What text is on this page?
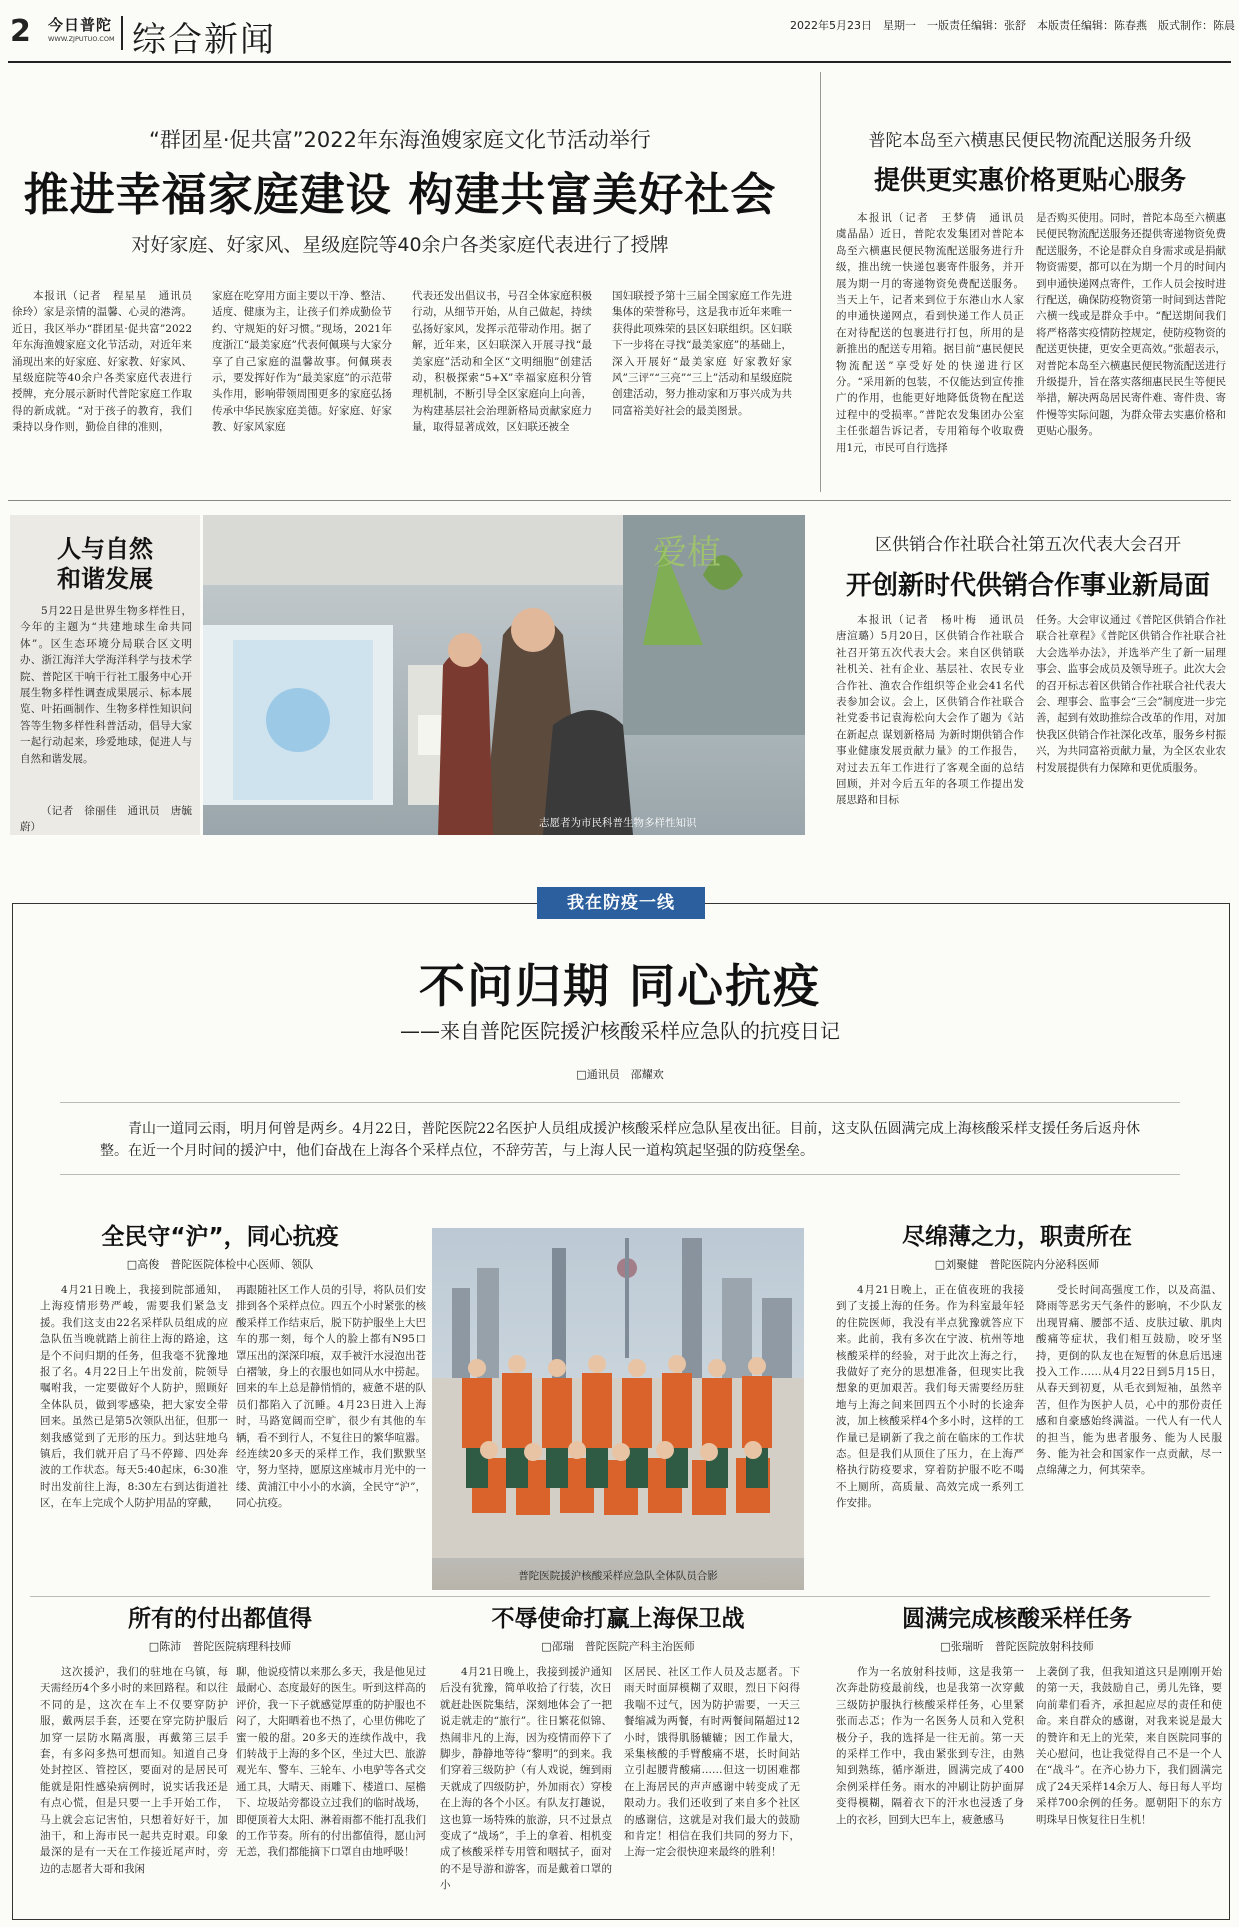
2 今日普陀
WWW.ZJPUTUO.COM 综合新闻	2022年5月23日　星期一　一版责任编辑：张舒　本版责任编辑：陈春燕　版式制作：陈晨
“群团星·促共富”2022年东海渔嫂家庭文化节活动举行
推进幸福家庭建设 构建共富美好社会
对好家庭、好家风、星级庭院等40余户各类家庭代表进行了授牌

本报讯（记者　程星星　通讯员　徐玲）家是亲情的温馨、心灵的港湾。近日，我区举办“群团星·促共富”2022年东海渔嫂家庭文化节活动，对近年来涌现出来的好家庭、好家教、好家风、星级庭院等40余户各类家庭代表进行授牌，充分展示新时代普陀家庭工作取得的新成就。“对于孩子的教育，我们秉持以身作则，勤俭自律的准则，

家庭在吃穿用方面主要以干净、整洁、适度、健康为主，让孩子们养成勤俭节约、守规矩的好习惯。”现场，2021年度浙江“最美家庭”代表何佩瑛与大家分享了自己家庭的温馨故事。何佩瑛表示，要发挥好作为“最美家庭”的示范带头作用，影响带领周围更多的家庭弘扬传承中华民族家庭美德。好家庭、好家教、好家风家庭

代表还发出倡议书，号召全体家庭积极行动，从细节开始，从自己做起，持续弘扬好家风，发挥示范带动作用。据了解，近年来，区妇联深入开展寻找“最美家庭”活动和全区“文明细胞”创建活动，积极探索“5+X”幸福家庭积分管理机制，不断引导全区家庭向上向善，为构建基层社会治理新格局贡献家庭力量，取得显著成效，区妇联还被全

国妇联授予第十三届全国家庭工作先进集体的荣誉称号，这是我市近年来唯一获得此项殊荣的县区妇联组织。区妇联下一步将在寻找“最美家庭”的基础上，深入开展好“最美家庭 好家教好家风”三评”“三亮”“三上”活动和星级庭院创建活动，努力推动家和万事兴成为共同富裕美好社会的最美图景。

普陀本岛至六横惠民便民物流配送服务升级
提供更实惠价格更贴心服务

本报讯（记者　王梦倩　通讯员　虞晶晶）近日，普陀农发集团对普陀本岛至六横惠民便民物流配送服务进行升级，推出统一快递包裹寄件服务，并开展为期一月的寄递物资免费配送服务。当天上午，记者来到位于东港山水人家的申通快递网点，看到快递工作人员正在对待配送的包裹进行打包，所用的是新推出的配送专用箱。据目前“惠民便民物流配送”享受好处的快递进行区分。“采用新的包装，不仅能达到宣传推广的作用，也能更好地降低货物在配送过程中的受损率。”普陀农发集团办公室主任张超告诉记者，专用箱每个收取费用1元，市民可自行选择

是否购买使用。同时，普陀本岛至六横惠民便民物流配送服务还提供寄递物资免费配送服务，不论是群众自身需求或是捐献物资需要，都可以在为期一个月的时间内到申通快递网点寄件，工作人员会按时进行配送，确保防疫物资第一时间到达普陀六横一线或是群众手中。“配送期间我们将严格落实疫情防控规定，使防疫物资的配送更快捷，更安全更高效。”张超表示，对普陀本岛至六横惠民便民物流配送进行升级提升，旨在落实落细惠民民生等便民举措，解决两岛居民寄件难、寄件贵、寄件慢等实际问题，为群众带去实惠价格和更贴心服务。

人与自然
和谐发展

5月22日是世界生物多样性日，今年的主题为“共建地球生命共同体”。区生态环境分局联合区文明办、浙江海洋大学海洋科学与技术学院、普陀区干响干行社工服务中心开展生物多样性调查成果展示、标本展览、叶拓画制作、生物多样性知识问答等生物多样性科普活动，倡导大家一起行动起来，珍爱地球，促进人与自然和谐发展。

（记者　徐丽佳　通讯员　唐毓蔚）
爱植
志愿者为市民科普生物多样性知识
区供销合作社联合社第五次代表大会召开
开创新时代供销合作事业新局面

本报讯（记者　杨叶梅　通讯员　唐渲璐）5月20日，区供销合作社联合社召开第五次代表大会。来自区供销联社机关、社有企业、基层社、农民专业合作社、渔农合作组织等企业会41名代表参加会议。会上，区供销合作社联合社党委书记袁海松向大会作了题为《站在新起点 谋划新格局 为新时期供销合作事业健康发展贡献力量》的工作报告，对过去五年工作进行了客观全面的总结回顾，并对今后五年的各项工作提出发展思路和目标

任务。大会审议通过《普陀区供销合作社联合社章程》《普陀区供销合作社联合社大会选举办法》，并选举产生了新一届理事会、监事会成员及领导班子。此次大会的召开标志着区供销合作社联合社代表大会、理事会、监事会“三会”制度进一步完善，起到有效助推综合改革的作用，对加快我区供销合作社深化改革，服务乡村振兴，为共同富裕贡献力量，为全区农业农村发展提供有力保障和更优质服务。

我在防疫一线
不问归期 同心抗疫
——来自普陀医院援沪核酸采样应急队的抗疫日记
□通讯员　邵耀欢
青山一道同云雨，明月何曾是两乡。4月22日，普陀医院22名医护人员组成援沪核酸采样应急队星夜出征。目前，这支队伍圆满完成上海核酸采样支援任务后返舟休整。在近一个月时间的援沪中，他们奋战在上海各个采样点位，不辞劳苦，与上海人民一道构筑起坚强的防疫堡垒。
全民守“沪”，同心抗疫
□高俊　普陀医院体检中心医师、领队

4月21日晚上，我接到院部通知，上海疫情形势严峻，需要我们紧急支援。我们这支由22名采样队员组成的应急队伍当晚就踏上前往上海的路途，这是个不问归期的任务，但我毫不犹豫地报了名。4月22日上午出发前，院领导嘱咐我，一定要做好个人防护，照顾好全体队员，做到零感染，把大家安全带回来。虽然已是第5次领队出征，但那一刻我感觉到了无形的压力。到达驻地乌镇后，我们就开启了马不停蹄、四处奔波的工作状态。每天5:40起床，6:30准时出发前往上海，8:30左右到达街道社区，在车上完成个人防护用品的穿戴，

再跟随社区工作人员的引导，将队员们安排到各个采样点位。四五个小时紧张的核酸采样工作结束后，脱下防护服坐上大巴车的那一刻，每个人的脸上都有N95口罩压出的深深印痕，双手被汗水浸泡出苍白褶皱，身上的衣服也如同从水中捞起。回来的车上总是静悄悄的，疲惫不堪的队员们都陷入了沉睡。4月23日进入上海时，马路宽阔而空旷，很少有其他的车辆，看不到行人，不复往日的繁华喧嚣。经连续20多天的采样工作，我们默默坚守，努力坚持，愿原这座城市月光中的一缕、黄浦江中小小的水滴，全民守“沪”，同心抗疫。

普陀医院援沪核酸采样应急队全体队员合影
尽绵薄之力，职责所在
□刘聚健　普陀医院内分泌科医师

4月21日晚上，正在值夜班的我接到了支援上海的任务。作为科室最年轻的住院医师，我没有半点犹豫就答应下来。此前，我有多次在宁波、杭州等地核酸采样的经验，对于此次上海之行，我做好了充分的思想准备，但现实比我想象的更加艰苦。我们每天需要经历驻地与上海之间来回四五个小时的长途奔波，加上核酸采样4个多小时，这样的工作量已是刷新了我之前在临床的工作状态。但是我们从顶住了压力，在上海严格执行防疫要求，穿着防护服不吃不喝不上厕所，高质量、高效完成一系列工作安排。

受长时间高强度工作，以及高温、降雨等恶劣天气条件的影响，不少队友出现胃痛、腰部不适、皮肤过敏、肌肉酸痛等症状，我们相互鼓励，咬牙坚持，更倒的队友也在短暂的休息后迅速投入工作……从4月22日到5月15日，从春天到初夏，从毛衣到短袖，虽然辛苦，但作为医护人员，心中的那份责任感和自豪感始终满溢。一代人有一代人的担当，能为患者服务、能为人民服务、能为社会和国家作一点贡献，尽一点绵薄之力，何其荣幸。

所有的付出都值得
□陈沛　普陀医院病理科技师

这次援沪，我们的驻地在乌镇，每天需经历4个多小时的来回路程。和以往不同的是，这次在车上不仅要穿防护服，戴两层手套，还要在穿完防护服后加穿一层防水隔离服，再戴第三层手套，有多闷多热可想而知。知道自己身处封控区、管控区，要面对的是居民可能就是阳性感染病例时，说实话我还是有点心慌，但是只要一上手开始工作，马上就会忘记害怕，只想着好好干，加油干，和上海市民一起共克时艰。印象最深的是有一天在工作接近尾声时，旁边的志愿者大哥和我闲

聊，他说疫情以来那么多天，我是他见过最耐心、态度最好的医生。听到这样高的评价，我一下子就感觉厚重的防护服也不闷了，大阳晒着也不热了，心里仿佛吃了蜜一般的甜。20多天的连续作战中，我们转战于上海的多个区，坐过大巴、旅游观光车、警车、三轮车、小电驴等各式交通工具，大晴天、雨雕下、楼道口、屋檐下、垃圾站旁都设立过我们的临时战场，即便顶着大太阳、淋着雨都不能打乱我们的工作节奏。所有的付出都值得，愿山河无恙，我们都能摘下口罩自由地呼吸！

不辱使命打赢上海保卫战
□邵瑞　普陀医院产科主治医师

4月21日晚上，我接到援沪通知后没有犹豫，简单收拾了行装，次日就赶赴医院集结，深刻地体会了一把说走就走的“旅行”。往日繁花似锦、热闹非凡的上海，因为疫情而停下了脚步，静静地等待“黎明”的到来。我们穿着三级防护（有人戏说，缠到雨天就成了四级防护，外加雨衣）穿梭在上海的各个小区。有队友打趣说，这也算一场特殊的旅游，只不过景点变成了“战场”，手上的拿着、相机变成了核酸采样专用管和咽拭子，面对的不是导游和游客，而是戴着口罩的小

区居民、社区工作人员及志愿者。下雨天时面屏模糊了双眼，烈日下闷得我喘不过气，因为防护需要，一天三餐缩减为两餐，有时两餐间隔超过12小时，饿得肌肠辘辘；因工作量大，采集核酸的手臂酸痛不堪，长时间站立引起腰背酸痛……但这一切困难都在上海居民的声声感谢中转变成了无限动力。我们还收到了来自多个社区的感谢信，这就是对我们最大的鼓励和肯定！相信在我们共同的努力下，上海一定会很快迎来最终的胜利！

圆满完成核酸采样任务
□张瑞昕　普陀医院放射科技师

作为一名放射科技师，这是我第一次奔赴防疫最前线，也是我第一次穿戴三级防护服执行核酸采样任务，心里紧张而忐忑；作为一名医务人员和入党积极分子，我的选择是一往无前。第一天的采样工作中，我由紧张到专注，由熟知到熟练，循序渐进，圆满完成了400余例采样任务。雨水的冲刷让防护面屏变得模糊，隔着衣下的汗水也浸透了身上的衣衫，回到大巴车上，疲惫感马

上袭倒了我，但我知道这只是刚刚开始的第一天，我鼓励自己，勇儿先锋，要向前辈们看齐，承担起应尽的责任和使命。来自群众的感谢，对我来说是最大的赞许和无上的光荣，来自医院同事的关心慰问，也让我觉得自己不是一个人在“战斗”。在齐心协力下，我们圆满完成了24天采样14余万人、每日每人平均采样700余例的任务。愿朝阳下的东方明珠早日恢复往日生机！
